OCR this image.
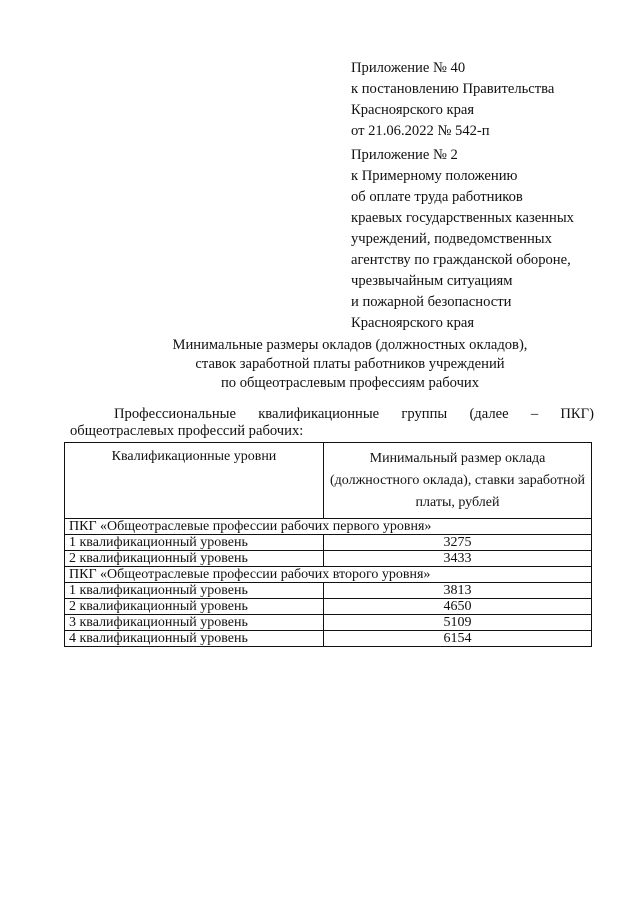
Приложение № 40
к постановлению Правительства
Красноярского края
от 21.06.2022 № 542-п
Приложение № 2
к Примерному положению
об оплате труда работников
краевых государственных казенных
учреждений, подведомственных
агентству по гражданской обороне,
чрезвычайным ситуациям
и пожарной безопасности
Красноярского края
Минимальные размеры окладов (должностных окладов),
ставок заработной платы работников учреждений
по общеотраслевым профессиям рабочих
Профессиональные квалификационные группы (далее – ПКГ)
общеотраслевых профессий рабочих:
Квалификационные уровни	Минимальный размер оклада (должностного оклада), ставки заработной платы, рублей
ПКГ «Общеотраслевые профессии рабочих первого уровня»	
1 квалификационный уровень	3275
2 квалификационный уровень	3433
ПКГ «Общеотраслевые профессии рабочих второго уровня»	
1 квалификационный уровень	3813
2 квалификационный уровень	4650
3 квалификационный уровень	5109
4 квалификационный уровень	6154
